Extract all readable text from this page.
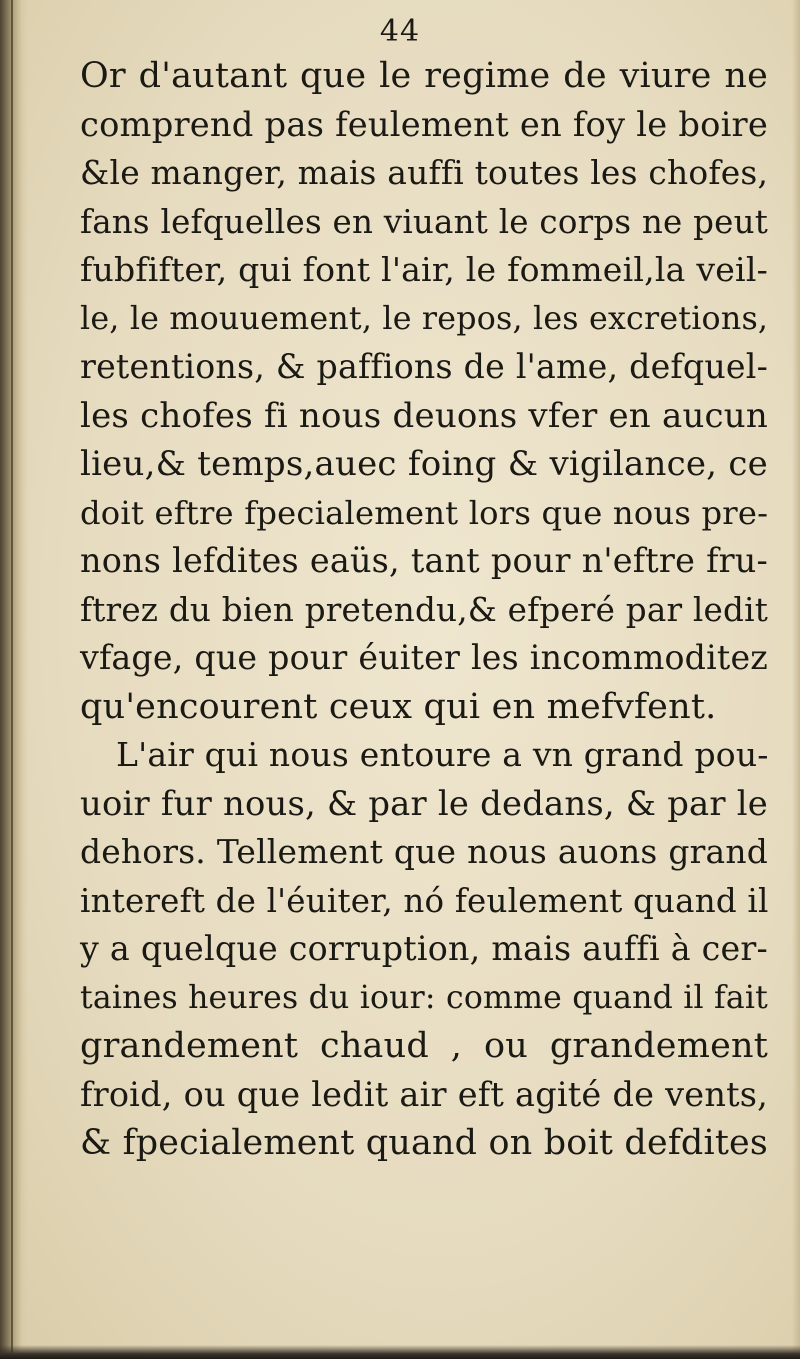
44
Or d'autant que le regime de viure ne
comprend pas feulement en foy le boire
&le manger, mais auffi toutes les chofes,
fans lefquelles en viuant le corps ne peut
fubfifter, qui font l'air, le fommeil,la veil-
le, le mouuement, le repos, les excretions,
retentions, & paffions de l'ame, defquel-
les chofes fi nous deuons vfer en aucun
lieu,& temps,auec foing & vigilance, ce
doit eftre fpecialement lors que nous pre-
nons lefdites eaüs, tant pour n'eftre fru-
ftrez du bien pretendu,& efperé par ledit
vfage, que pour éuiter les incommoditez
qu'encourent ceux qui en mefvfent.
L'air qui nous entoure a vn grand pou-
uoir fur nous, & par le dedans, & par le
dehors. Tellement que nous auons grand
intereft de l'éuiter, nó feulement quand il
y a quelque corruption, mais auffi à cer-
taines heures du iour: comme quand il fait
grandement chaud , ou grandement
froid, ou que ledit air eft agité de vents,
& fpecialement quand on boit defdites
